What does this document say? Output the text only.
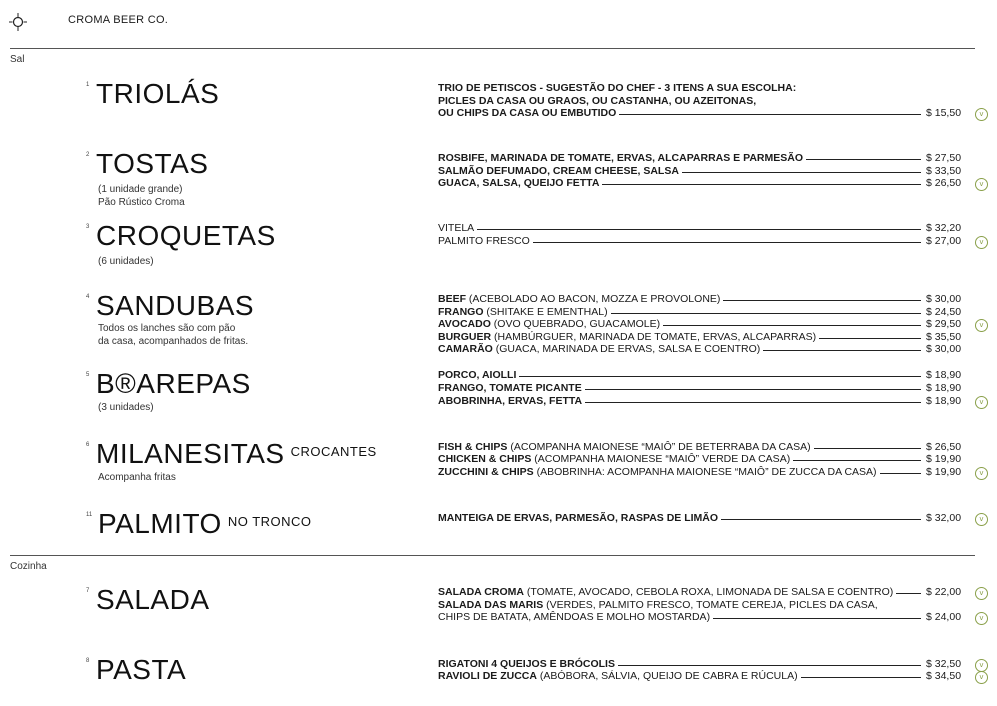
CROMA BEER CO.
Sal
Cozinha
1 TRIOLÁS
2 TOSTAS
(1 unidade grande)
Pão Rústico Croma
3 CROQUETAS
(6 unidades)
4 SANDUBAS
Todos os lanches são com pão
da casa, acompanhados de fritas.
5 B®AREPAS
(3 unidades)
6 MILANESITAS $^{CROCANTES}$
Acompanha fritas
11 PALMITO $^{NO TRONCO}$
7 SALADA
8 PASTA
TRIO DE PETISCOS - SUGESTÃO DO CHEF - 3 ITENS A SUA ESCOLHA:
PICLES DA CASA OU GRAOS, OU CASTANHA, OU AZEITONAS,
OU CHIPS DA CASA OU EMBUTIDO	$ 15,50	v
ROSBIFE, MARINADA DE TOMATE, ERVAS, ALCAPARRAS E PARMESÃO	$ 27,50
SALMÃO DEFUMADO, CREAM CHEESE, SALSA	$ 33,50
GUACA, SALSA, QUEIJO FETTA	$ 26,50	v
VITELA	$ 32,20
PALMITO FRESCO	$ 27,00	v
BEEF (ACEBOLADO AO BACON, MOZZA E PROVOLONE)	$ 30,00
FRANGO (SHITAKE E EMENTHAL)	$ 24,50
AVOCADO (OVO QUEBRADO, GUACAMOLE)	$ 29,50	v
BURGUER (HAMBÚRGUER, MARINADA DE TOMATE, ERVAS, ALCAPARRAS)	$ 35,50
CAMARÃO (GUACA, MARINADA DE ERVAS, SALSA E COENTRO)	$ 30,00
PORCO, AIOLLI	$ 18,90
FRANGO, TOMATE PICANTE	$ 18,90
ABOBRINHA, ERVAS, FETTA	$ 18,90	v
FISH & CHIPS (ACOMPANHA MAIONESE “MAIÔ” DE BETERRABA DA CASA)	$ 26,50
CHICKEN & CHIPS (ACOMPANHA MAIONESE “MAIÔ” VERDE DA CASA)	$ 19,90
ZUCCHINI & CHIPS (ABOBRINHA: ACOMPANHA MAIONESE “MAIÔ” DE ZUCCA DA CASA)	$ 19,90	v
MANTEIGA DE ERVAS, PARMESÃO, RASPAS DE LIMÃO	$ 32,00	v
SALADA CROMA (TOMATE, AVOCADO, CEBOLA ROXA, LIMONADA DE SALSA E COENTRO)	$ 22,00	v
SALADA DAS MARIS (VERDES, PALMITO FRESCO, TOMATE CEREJA, PICLES DA CASA,
CHIPS DE BATATA, AMÊNDOAS E MOLHO MOSTARDA)	$ 24,00	v
RIGATONI 4 QUEIJOS E BRÓCOLIS	$ 32,50	v
RAVIOLI DE ZUCCA (ABÓBORA, SÁLVIA, QUEIJO DE CABRA E RÚCULA)	$ 34,50	v
